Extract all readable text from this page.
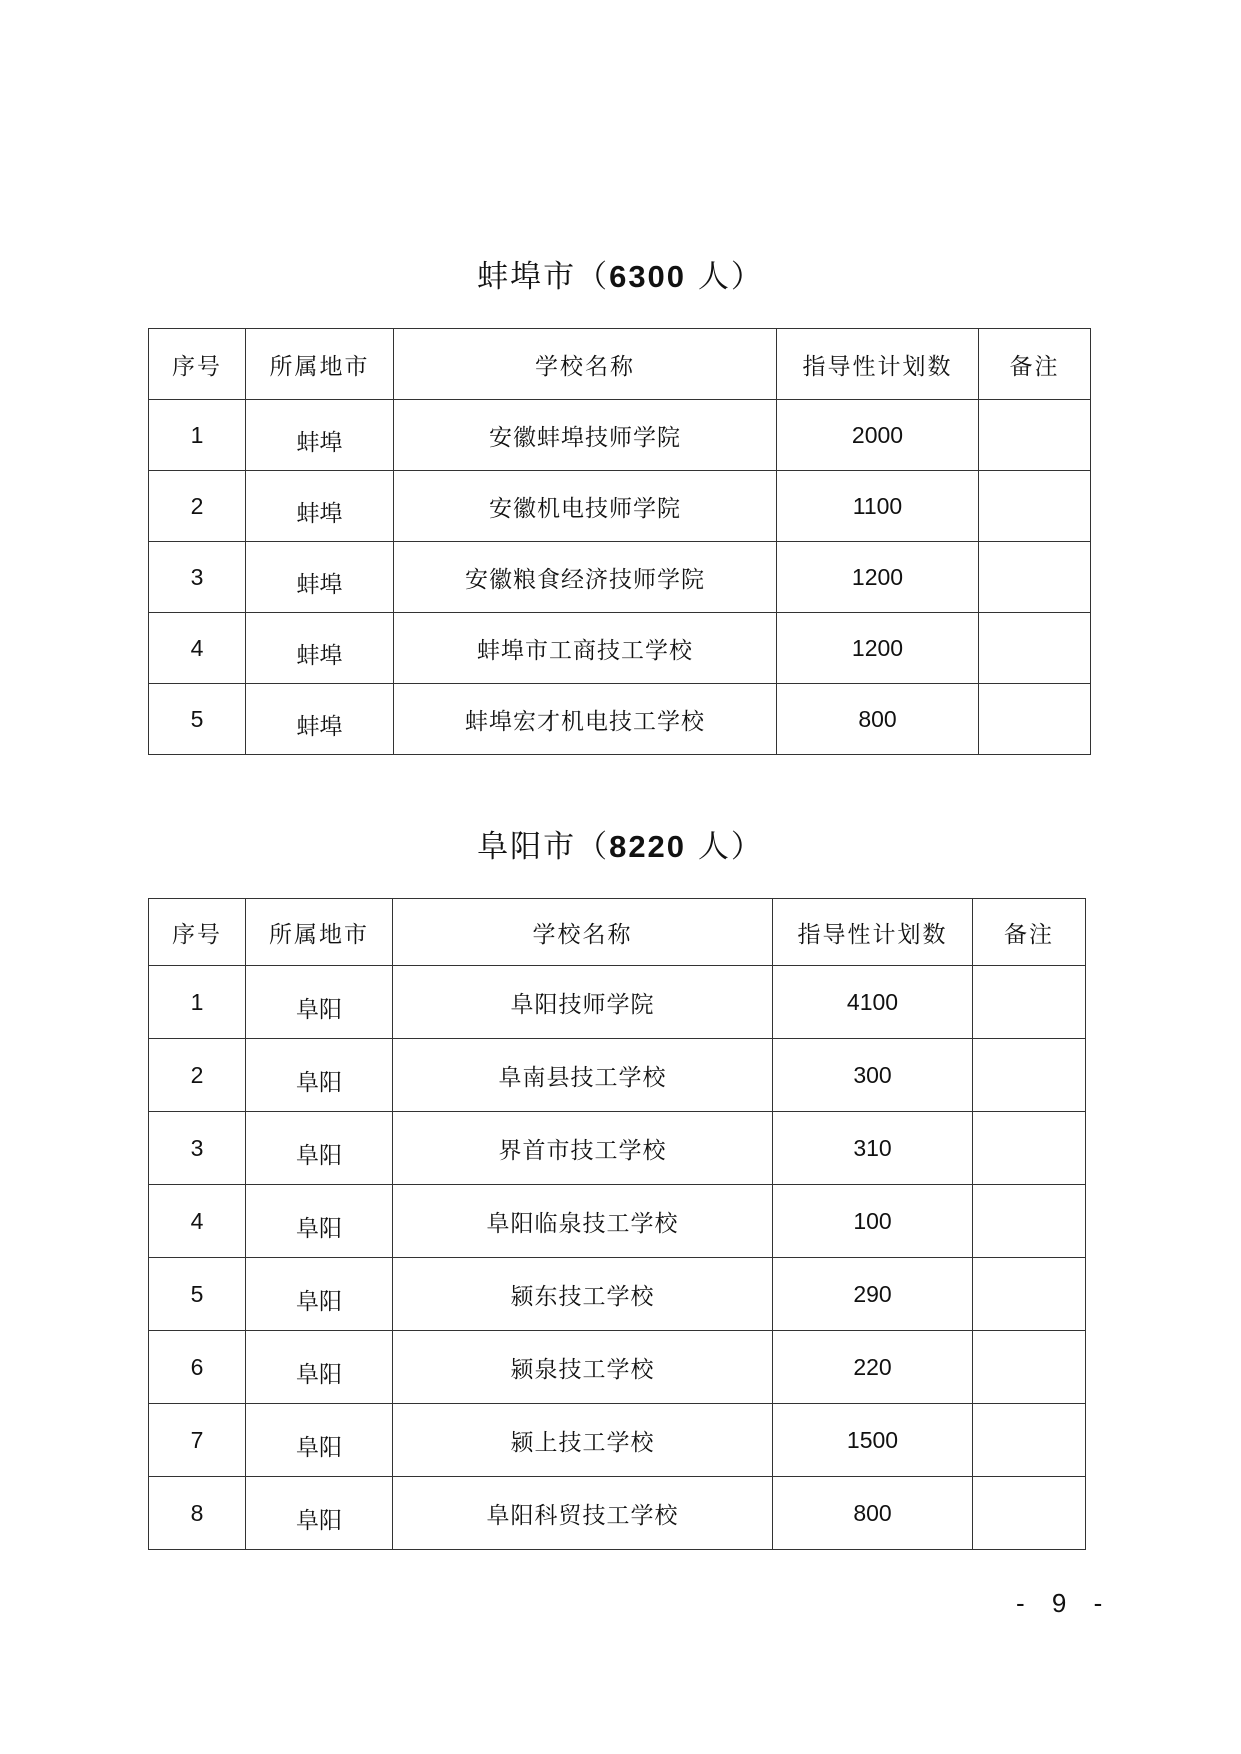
蚌埠市（6300 人）
序号	所属地市	学校名称	指导性计划数	备注
1	蚌埠	安徽蚌埠技师学院	2000	
2	蚌埠	安徽机电技师学院	1100	
3	蚌埠	安徽粮食经济技师学院	1200	
4	蚌埠	蚌埠市工商技工学校	1200	
5	蚌埠	蚌埠宏才机电技工学校	800	
阜阳市（8220 人）
序号	所属地市	学校名称	指导性计划数	备注
1	阜阳	阜阳技师学院	4100	
2	阜阳	阜南县技工学校	300	
3	阜阳	界首市技工学校	310	
4	阜阳	阜阳临泉技工学校	100	
5	阜阳	颍东技工学校	290	
6	阜阳	颍泉技工学校	220	
7	阜阳	颍上技工学校	1500	
8	阜阳	阜阳科贸技工学校	800	
- 9 -
